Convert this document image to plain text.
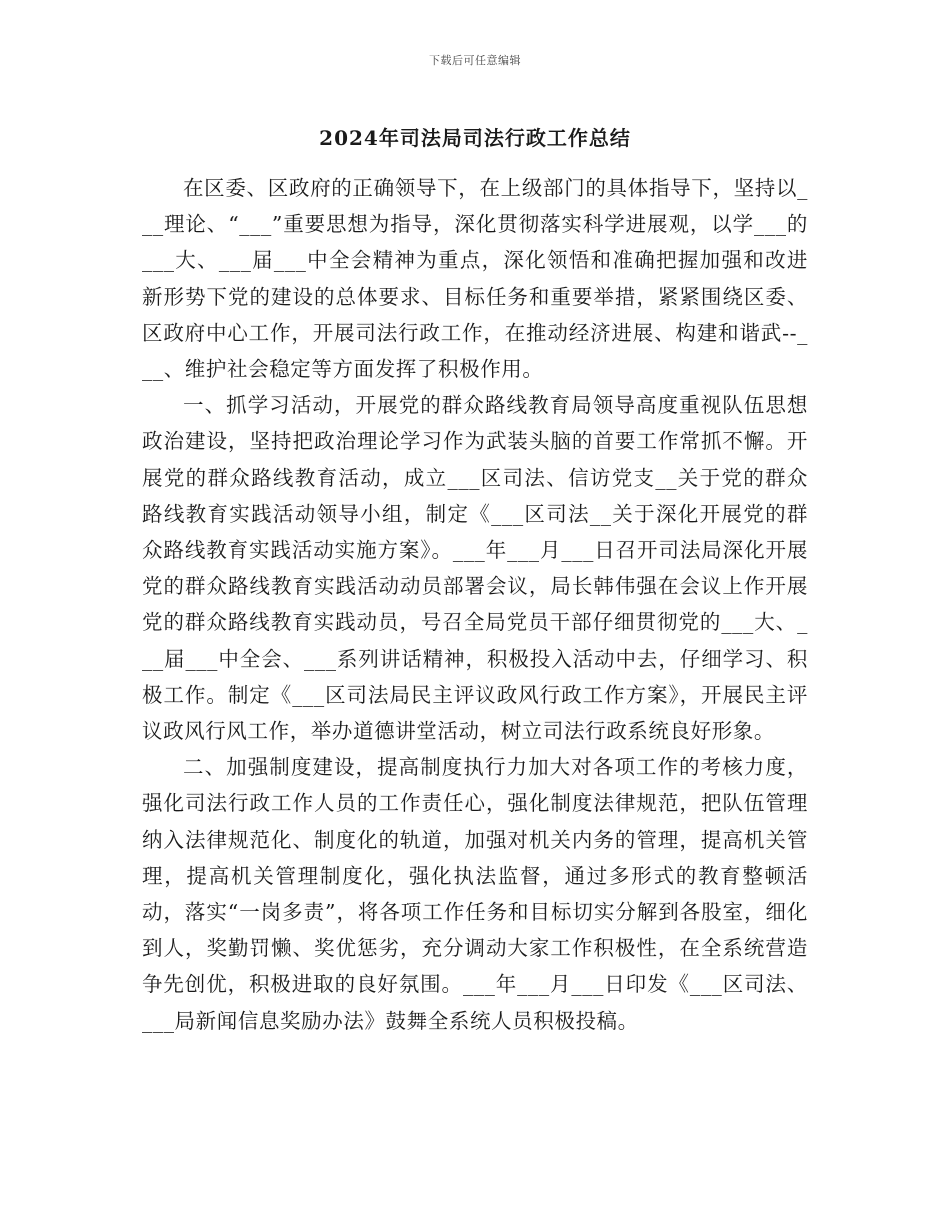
下载后可任意编辑
2024年司法局司法行政工作总结

在区委、区政府的正确领导下，在上级部门的具体指导下，坚持以___理论、“___”重要思想为指导，深化贯彻落实科学进展观，以学___的___大、___届___中全会精神为重点，深化领悟和准确把握加强和改进新形势下党的建设的总体要求、目标任务和重要举措，紧紧围绕区委、区政府中心工作，开展司法行政工作，在推动经济进展、构建和谐武--___、维护社会稳定等方面发挥了积极作用。

一、抓学习活动，开展党的群众路线教育局领导高度重视队伍思想政治建设，坚持把政治理论学习作为武装头脑的首要工作常抓不懈。开展党的群众路线教育活动，成立___区司法、信访党支__关于党的群众路线教育实践活动领导小组，制定《___区司法__关于深化开展党的群众路线教育实践活动实施方案》。___年___月___日召开司法局深化开展党的群众路线教育实践活动动员部署会议，局长韩伟强在会议上作开展党的群众路线教育实践动员，号召全局党员干部仔细贯彻党的___大、___届___中全会、___系列讲话精神，积极投入活动中去，仔细学习、积极工作。制定《___区司法局民主评议政风行政工作方案》，开展民主评议政风行风工作，举办道德讲堂活动，树立司法行政系统良好形象。

二、加强制度建设，提高制度执行力加大对各项工作的考核力度，强化司法行政工作人员的工作责任心，强化制度法律规范，把队伍管理纳入法律规范化、制度化的轨道，加强对机关内务的管理，提高机关管理，提高机关管理制度化，强化执法监督，通过多形式的教育整顿活动，落实“一岗多责”，将各项工作任务和目标切实分解到各股室，细化到人，奖勤罚懒、奖优惩劣，充分调动大家工作积极性，在全系统营造争先创优，积极进取的良好氛围。___年___月___日印发《___区司法、___局新闻信息奖励办法》鼓舞全系统人员积极投稿。
